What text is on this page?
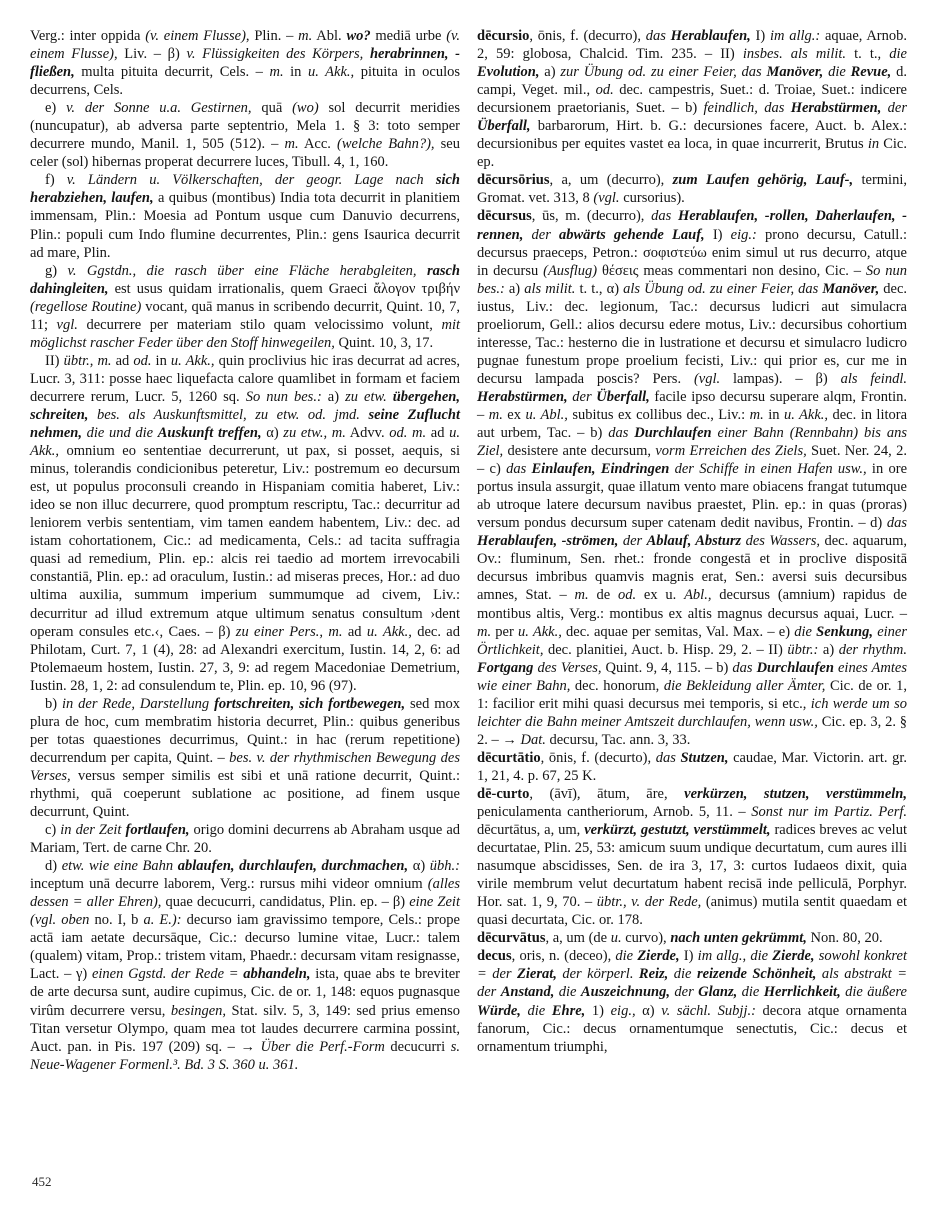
Verg.: inter oppida (v. einem Flusse), Plin. – m. Abl. wo? mediā urbe (v. einem Flusse), Liv. – β) v. Flüssigkeiten des Körpers, herabrinnen, -fließen, multa pituita decurrit, Cels. – m. in u. Akk., pituita in oculos decurrens, Cels.
e) v. der Sonne u.a. Gestirnen, quā (wo) sol decurrit meridies (nuncupatur), ab adversa parte septentrio, Mela 1. § 3: toto semper decurrere mundo, Manil. 1, 505 (512). – m. Acc. (welche Bahn?), seu celer (sol) hibernas properat decurrere luces, Tibull. 4, 1, 160.
f) v. Ländern u. Völkerschaften, der geogr. Lage nach sich herabziehen, laufen, a quibus (montibus) India tota decurrit in planitiem immensam, Plin.: Moesia ad Pontum usque cum Danuvio decurrens, Plin.: populi cum Indo flumine decurrentes, Plin.: gens Isaurica decurrit ad mare, Plin.
g) v. Ggstdn., die rasch über eine Fläche herabgleiten, rasch dahingleiten, est usus quidam irrationalis, quem Graeci ἄλογον τριβήν (regellose Routine) vocant, quā manus in scribendo decurrit, Quint. 10, 7, 11; vgl. decurrere per materiam stilo quam velocissimo volunt, mit möglichst rascher Feder über den Stoff hinwegeilen, Quint. 10, 3, 17.
II) übtr., m. ad od. in u. Akk., quin proclivius hic iras decurrat ad acres, Lucr. 3, 311: posse haec liquefacta calore quamlibet in formam et faciem decurrere rerum, Lucr. 5, 1260 sq. So nun bes.: a) zu etw. übergehen, schreiten, bes. als Auskunftsmittel, zu etw. od. jmd. seine Zuflucht nehmen, die und die Auskunft treffen, α) zu etw., m. Advv. od. m. ad u. Akk., omnium eo sententiae decurrerunt, ut pax, si posset, aequis, si minus, tolerandis condicionibus peteretur, Liv.: postremum eo decursum est, ut populus proconsuli creando in Hispaniam comitia haberet, Liv.: ideo se non illuc decurrere, quod promptum rescriptu, Tac.: decurritur ad leniorem verbis sententiam, vim tamen eandem habentem, Liv.: dec. ad istam cohortationem, Cic.: ad medicamenta, Cels.: ad tacita suffragia quasi ad remedium, Plin. ep.: alcis rei taedio ad mortem irrevocabili constantiā, Plin. ep.: ad oraculum, Iustin.: ad miseras preces, Hor.: ad duo ultima auxilia, summum imperium summumque ad civem, Liv.: decurritur ad illud extremum atque ultimum senatus consultum ›dent operam consules etc.‹, Caes. – β) zu einer Pers., m. ad u. Akk., dec. ad Philotam, Curt. 7, 1 (4), 28: ad Alexandri exercitum, Iustin. 14, 2, 6: ad Ptolemaeum hostem, Iustin. 27, 3, 9: ad regem Macedoniae Demetrium, Iustin. 28, 1, 2: ad consulendum te, Plin. ep. 10, 96 (97).
b) in der Rede, Darstellung fortschreiten, sich fortbewegen, sed mox plura de hoc, cum membratim historia decurret, Plin.: quibus generibus per totas quaestiones decurrimus, Quint.: in hac (rerum repetitione) decurrendum per capita, Quint. – bes. v. der rhythmischen Bewegung des Verses, versus semper similis est sibi et unā ratione decurrit, Quint.: rhythmi, quā coeperunt sublatione ac positione, ad finem usque decurrunt, Quint.
c) in der Zeit fortlaufen, origo domini decurrens ab Abraham usque ad Mariam, Tert. de carne Chr. 20.
d) etw. wie eine Bahn ablaufen, durchlaufen, durchmachen, α) übh.: inceptum unā decurre laborem, Verg.: rursus mihi videor omnium (alles dessen = aller Ehren), quae decucurri, candidatus, Plin. ep. – β) eine Zeit (vgl. oben no. I, b a. E.): decurso iam gravissimo tempore, Cels.: prope actā iam aetate decursāque, Cic.: decurso lumine vitae, Lucr.: talem (qualem) vitam, Prop.: tristem vitam, Phaedr.: decursam vitam resignasse, Lact. – γ) einen Ggstd. der Rede = abhandeln, ista, quae abs te breviter de arte decursa sunt, audire cupimus, Cic. de or. 1, 148: equos pugnasque virûm decurrere versu, besingen, Stat. silv. 5, 3, 149: sed prius emenso Titan versetur Olympo, quam mea tot laudes decurrere carmina possint, Auct. pan. in Pis. 197 (209) sq. – → Über die Perf.-Form decucurri s. Neue-Wagener Formenl.³. Bd. 3 S. 360 u. 361.
dēcursio, ōnis, f. (decurro), das Herablaufen, I) im allg.: aquae, Arnob. 2, 59: globosa, Chalcid. Tim. 235. – II) insbes. als milit. t. t., die Evolution, a) zur Übung od. zu einer Feier, das Manöver, die Revue, d. campi, Veget. mil., od. dec. campestris, Suet.: d. Troiae, Suet.: indicere decursionem praetorianis, Suet. – b) feindlich, das Herabstürmen, der Überfall, barbarorum, Hirt. b. G.: decursiones facere, Auct. b. Alex.: decursionibus per equites vastet ea loca, in quae incurrerit, Brutus in Cic. ep.
dēcursōrius, a, um (decurro), zum Laufen gehörig, Lauf-, termini, Gromat. vet. 313, 8 (vgl. cursorius).
dēcursus, ūs, m. (decurro), das Herablaufen, -rollen, Daherlaufen, -rennen, der abwärts gehende Lauf, I) eig.: prono decursu, Catull.: decursus praeceps, Petron.: σοφιστεύω enim simul ut rus decurro, atque in decursu (Ausflug) θέσεις meas commentari non desino, Cic. – So nun bes.: a) als milit. t. t., α) als Übung od. zu einer Feier, das Manöver, dec. iustus, Liv.: dec. legionum, Tac.: decursus ludicri aut simulacra proeliorum, Gell.: alios decursu edere motus, Liv.: decursibus cohortium interesse, Tac.: hesterno die in lustratione et decursu et simulacro ludicro pugnae funestum prope proelium fecisti, Liv.: qui prior es, cur me in decursu lampada poscis? Pers. (vgl. lampas). – β) als feindl. Herabstürmen, der Überfall, facile ipso decursu superare alqm, Frontin. – m. ex u. Abl., subitus ex collibus dec., Liv.: m. in u. Akk., dec. in litora aut urbem, Tac. – b) das Durchlaufen einer Bahn (Rennbahn) bis ans Ziel, desistere ante decursum, vorm Erreichen des Ziels, Suet. Ner. 24, 2. – c) das Einlaufen, Eindringen der Schiffe in einen Hafen usw., in ore portus insula assurgit, quae illatum vento mare obiacens frangat tutumque ab utroque latere decursum navibus praestet, Plin. ep.: in quas (proras) versum pondus decursum super catenam dedit navibus, Frontin. – d) das Herablaufen, -strömen, der Ablauf, Absturz des Wassers, dec. aquarum, Ov.: fluminum, Sen. rhet.: fronde congestā et in proclive dispositā decursus imbribus quamvis magnis erat, Sen.: aversi suis decursibus amnes, Stat. – m. de od. ex u. Abl., decursus (amnium) rapidus de montibus altis, Verg.: montibus ex altis magnus decursus aquai, Lucr. – m. per u. Akk., dec. aquae per semitas, Val. Max. – e) die Senkung, einer Örtlichkeit, dec. planitiei, Auct. b. Hisp. 29, 2. – II) übtr.: a) der rhythm. Fortgang des Verses, Quint. 9, 4, 115. – b) das Durchlaufen eines Amtes wie einer Bahn, dec. honorum, die Bekleidung aller Ämter, Cic. de or. 1, 1: facilior erit mihi quasi decursus mei temporis, si etc., ich werde um so leichter die Bahn meiner Amtszeit durchlaufen, wenn usw., Cic. ep. 3, 2. § 2. – → Dat. decursu, Tac. ann. 3, 33.
dēcurtātio, ōnis, f. (decurto), das Stutzen, caudae, Mar. Victorin. art. gr. 1, 21, 4. p. 67, 25 K.
dē-curto, (āvī), ātum, āre, verkürzen, stutzen, verstümmeln, peniculamenta cantheriorum, Arnob. 5, 11. – Sonst nur im Partiz. Perf. dēcurtātus, a, um, verkürzt, gestutzt, verstümmelt, radices breves ac velut decurtatae, Plin. 25, 53: amicum suum undique decurtatum, cum aures illi nasumque abscidisses, Sen. de ira 3, 17, 3: curtos Iudaeos dixit, quia virile membrum velut decurtatum habent recisā inde pelliculā, Porphyr. Hor. sat. 1, 9, 70. – übtr., v. der Rede, (animus) mutila sentit quaedam et quasi decurtata, Cic. or. 178.
dēcurvātus, a, um (de u. curvo), nach unten gekrümmt, Non. 80, 20.
decus, oris, n. (deceo), die Zierde, I) im allg., die Zierde, sowohl konkret = der Zierat, der körperl. Reiz, die reizende Schönheit, als abstrakt = der Anstand, die Auszeichnung, der Glanz, die Herrlichkeit, die äußere Würde, die Ehre, 1) eig., α) v. sächl. Subjj.: decora atque ornamenta fanorum, Cic.: decus ornamentumque senectutis, Cic.: decus et ornamentum triumphi,
452
